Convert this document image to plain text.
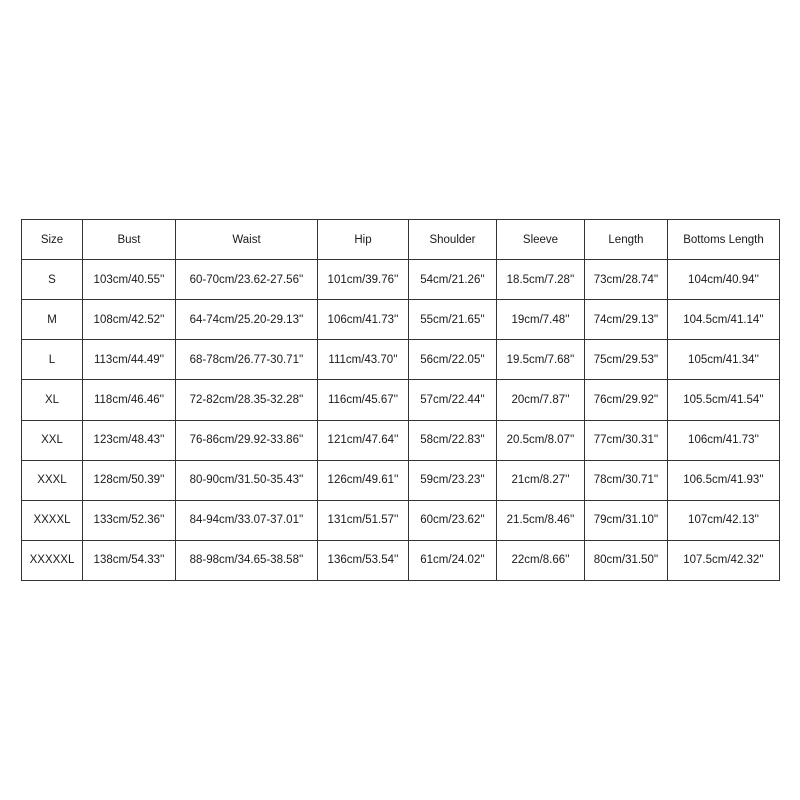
Size	Bust	Waist	Hip	Shoulder	Sleeve	Length	Bottoms Length
S	103cm/40.55''	60-70cm/23.62-27.56''	101cm/39.76''	54cm/21.26''	18.5cm/7.28''	73cm/28.74''	104cm/40.94''
M	108cm/42.52''	64-74cm/25.20-29.13''	106cm/41.73''	55cm/21.65''	19cm/7.48''	74cm/29.13''	104.5cm/41.14''
L	113cm/44.49''	68-78cm/26.77-30.71''	111cm/43.70''	56cm/22.05''	19.5cm/7.68''	75cm/29.53''	105cm/41.34''
XL	118cm/46.46''	72-82cm/28.35-32.28''	116cm/45.67''	57cm/22.44''	20cm/7.87''	76cm/29.92''	105.5cm/41.54''
XXL	123cm/48.43''	76-86cm/29.92-33.86''	121cm/47.64''	58cm/22.83''	20.5cm/8.07''	77cm/30.31''	106cm/41.73''
XXXL	128cm/50.39''	80-90cm/31.50-35.43''	126cm/49.61''	59cm/23.23''	21cm/8.27''	78cm/30.71''	106.5cm/41.93''
XXXXL	133cm/52.36''	84-94cm/33.07-37.01''	131cm/51.57''	60cm/23.62''	21.5cm/8.46''	79cm/31.10''	107cm/42.13''
XXXXXL	138cm/54.33''	88-98cm/34.65-38.58''	136cm/53.54''	61cm/24.02''	22cm/8.66''	80cm/31.50''	107.5cm/42.32''
